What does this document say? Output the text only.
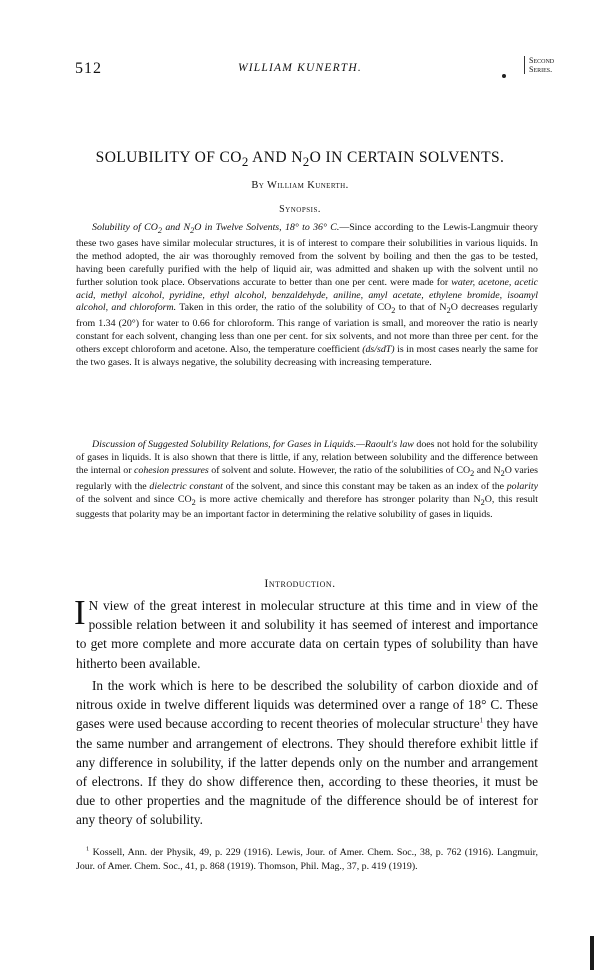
512	WILLIAM KUNERTH.
Second
Series.
SOLUBILITY OF $CO_2$ AND $N_2O$ IN CERTAIN SOLVENTS.
By William Kunerth.
Synopsis.

Solubility of $CO_2$ and $N_2O$ in Twelve Solvents, 18° to 36° C.—Since according to the Lewis-Langmuir theory these two gases have similar molecular structures, it is of interest to compare their solubilities in various liquids. In the method adopted, the air was thoroughly removed from the solvent by boiling and then the gas to be tested, having been carefully purified with the help of liquid air, was admitted and shaken up with the solvent until no further solution took place. Observations accurate to better than one per cent. were made for water, acetone, acetic acid, methyl alcohol, pyridine, ethyl alcohol, benzaldehyde, aniline, amyl acetate, ethylene bromide, isoamyl alcohol, and chloroform. Taken in this order, the ratio of the solubility of $CO_2$ to that of $N_2O$ decreases regularly from 1.34 (20°) for water to 0.66 for chloroform. This range of variation is small, and moreover the ratio is nearly constant for each solvent, changing less than one per cent. for six solvents, and not more than three per cent. for the others except chloroform and acetone. Also, the temperature coefficient (ds/sdT) is in most cases nearly the same for the two gases. It is always negative, the solubility decreasing with increasing temperature.

Discussion of Suggested Solubility Relations, for Gases in Liquids.—Raoult's law does not hold for the solubility of gases in liquids. It is also shown that there is little, if any, relation between solubility and the difference between the internal or cohesion pressures of solvent and solute. However, the ratio of the solubilities of $CO_2$ and $N_2O$ varies regularly with the dielectric constant of the solvent, and since this constant may be taken as an index of the polarity of the solvent and since $CO_2$ is more active chemically and therefore has stronger polarity than $N_2O$, this result suggests that polarity may be an important factor in determining the relative solubility of gases in liquids.

Introduction.

I N view of the great interest in molecular structure at this time and in view of the possible relation between it and solubility it has seemed of interest and importance to get more complete and more accurate data on certain types of solubility than have hitherto been available.

In the work which is here to be described the solubility of carbon dioxide and of nitrous oxide in twelve different liquids was determined over a range of 18° C. These gases were used because according to recent theories of molecular structure$^1$ they have the same number and arrangement of electrons. They should therefore exhibit little if any difference in solubility, if the latter depends only on the number and arrangement of electrons. If they do show difference then, according to these theories, it must be due to other properties and the magnitude of the difference should be of interest for any theory of solubility.

$^1$ Kossell, Ann. der Physik, 49, p. 229 (1916). Lewis, Jour. of Amer. Chem. Soc., 38, p. 762 (1916). Langmuir, Jour. of Amer. Chem. Soc., 41, p. 868 (1919). Thomson, Phil. Mag., 37, p. 419 (1919).
